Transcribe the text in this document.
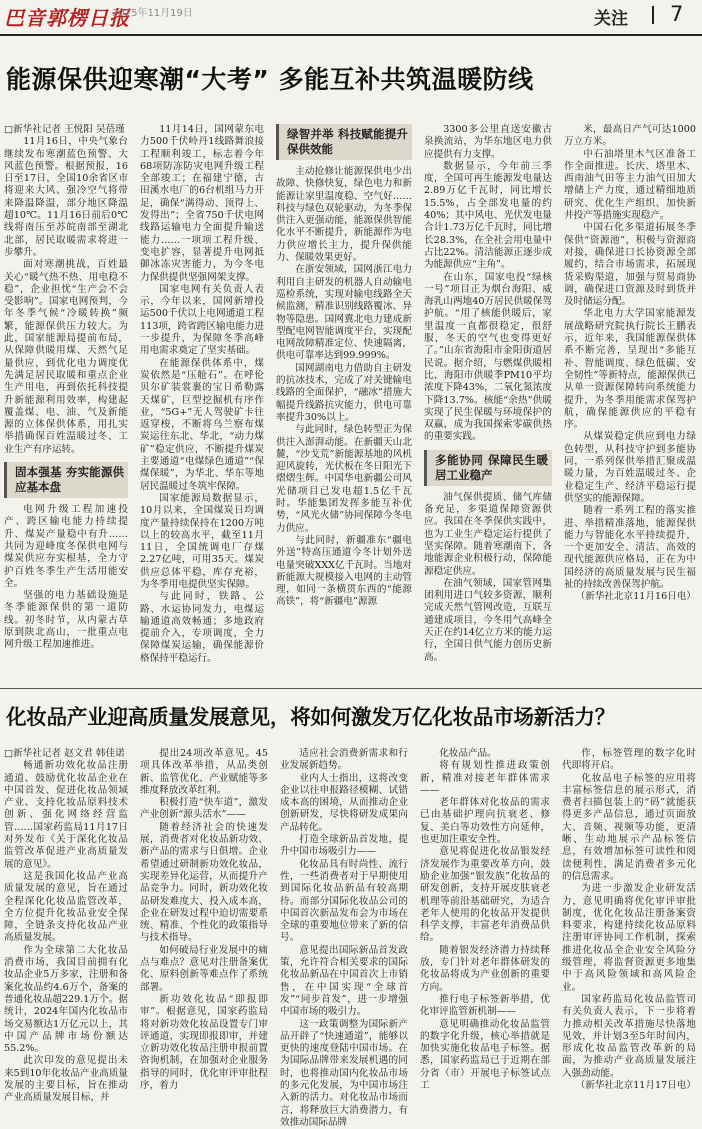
巴音郭楞日报
2025年11月19日	关注 7
能源保供迎寒潮“大考” 多能互补共筑温暖防线

□新华社记者 王悦阳 吴蓓瑾

11月16日，中央气象台继续发布寒潮蓝色预警、大风蓝色预警。根据预报，16日至17日，全国10余省区市将迎来大风、强冷空气将带来降温降温，部分地区降温超10℃。11月16日前后0℃线将南压至苏皖南部至湖北北部，居民取暖需求将进一步攀升。

面对寒潮挑战，百姓最关心“暖气热不热、用电稳不稳”，企业担忧“生产会不会受影响”。国家电网预判，今年冬季气候“冷暖转换”频繁，能源保供压力较大。为此，国家能源局提前布局，从保障供暖用煤、天然气足量供应，到优化电力调度优先满足居民取暖和重点企业生产用电，再到依托科技提升新能源利用效率，构建起覆盖煤、电、油、气及新能源的立体保供体系，用扎实举措确保百姓温暖过冬、工业生产有序运转。

固本强基 夯实能源供应基本盘

电网升级工程加速投产、跨区输电能力持续提升、煤炭产量稳中有升……共同为迎峰度冬保供电网与煤炭供应夯实根基，全力守护百姓冬季生产生活用能安全。

坚强的电力基础设施是冬季能源保供的第一道防线。初冬时节，从内蒙古草原到陕北高山，一批重点电网升级工程加速推进。

11月14日，国网蒙东电力500千伏岭丹1线路舞浪接工程顺利竣工，标志着今年68项防冻防灾电网升级工程全部竣工；在福建宁德，古田溪水电厂的6台机组马力开足，确保“满得动、顶得上、发得出”；全省750千伏电网线路运输电力全面提升输送能力……一项项工程升级、变电扩容，显著提升电网抵御冰冻灾害能力，为今冬电力保供提供坚强网架支撑。

国家电网有关负责人表示，今年以来，国网新增投运500千伏以上电网通道工程113项，跨省跨区输电能力进一步提升，为保障冬季高峰用电需求奠定了坚实基础。

在能源保供体系中，煤炭依然是“压舱石”。在呼伦贝尔矿装裳裹的宝日希勒露天煤矿，巨型挖掘机有序作业，“5G+”无人驾驶矿卡往返穿梭，不断将乌兰察布煤炭运往东北、华北，“动力煤矿”稳定供应，不断提升煤炭主要通道“电煤绿色通道”“保煤保暖”，为华北、华东等地居民温暖过冬筑牢保障。

国家能源局数据显示，10月以来，全国煤炭日均调度产量持续保持在1200万吨以上的较高水平，截至11月11日，全国统调电厂存煤2.27亿吨，可用35天。煤炭供应总体平稳，库存充裕，为冬季用电提供坚实保障。

与此同时，铁路、公路、水运协同发力，电煤运输通道高效畅通；多地政府提前介入，专项调度，全力保障煤炭运输，确保能源价格保持平稳运行。

绿智并举 科技赋能提升保供效能

主动抢修让能源保供电少出故障、快修快复，绿色电力和新能源让家里温度稳、空气好……科技与绿色双轮驱动，为冬季保供注入更强动能，能源保供智能化水平不断提升，新能源作为电力供应增长主力，提升保供能力、保暖效果更好。

在浙安领域，国网浙江电力利用自主研发的机器人自动输电巡检系统，实现对输电线路全天候监测，精准识别线路覆冰、异物等隐患。国网冀北电力建成新型配电网智能调度平台，实现配电网故障精准定位、快速隔离，供电可靠率达到99.999%。

国网湖南电力借助自主研发的抗冰技术，完成了对关键输电线路的全面保护，“融冰”措施大幅提升线路抗灾能力，供电可靠率提升30%以上。

与此同时，绿色转型正为保供注入澎湃动能。在新疆天山北麓，“沙戈荒”新能源基地的风机迎风旋转，光伏板在冬日阳光下熠熠生辉。中国华电新疆公司风光储项目已发电超1.5亿千瓦时。华能集团发挥多能互补优势，“风光火储”协同保障今冬电力供应。

与此同时，新疆准东“疆电外送”特高压通道今冬计划外送电量突破XXX亿千瓦时。当地对新能源大规模接入电网的主动管理，如同一条横贯东西的“能源高铁”，将“新疆电”源源

3300多公里直送安徽古泉换流站，为华东地区电力供应提供有力支撑。

数据显示，今年前三季度，全国可再生能源发电量达2.89万亿千瓦时，同比增长15.5%，占全部发电量的约40%；其中风电、光伏发电量合计1.73万亿千瓦时，同比增长28.3%，在全社会用电量中占比22%。清洁能源正逐步成为能源供应“主角”。

在山东，国家电投“绿核一号”项目正为烟台海阳、威海乳山两地40万居民供暖保驾护航。“用了核能供暖后，家里温度一直都很稳定，很舒服，冬天的空气也变得更好了。”山东省海阳市金阳街道居民说。据介绍，与燃煤供暖相比，海阳市供暖季PM10平均浓度下降43%，二氧化氮浓度下降13.7%。核能“余热”供暖实现了民生保暖与环境保护的双赢，成为我国探索零碳供热的重要实践。

多能协同 保障民生暖居工业稳产

油气保供提质、储气库储备充足，多渠道保障资源供应。我国在冬季保供实践中，也为工业生产稳定运行提供了坚实保障。随着寒潮南下，各地能源企业积极行动，保障能源稳定供应。

在油气领域，国家管网集团利用进口气较多资源，顺利完成天然气管网改造，互联互通建成项目，今冬用气高峰全天正在约14亿立方米的能力运行，全国日供气能力创历史新高。

米，最高日产气可达1000万立方米。

中石油塔里木气区准备工作全面推进。长庆、塔里木、西南油气田等主力油气田加大增储上产力度，通过精细地质研究、优化生产组织、加快新井投产等措施实现稳产。

中国石化多渠道拓展冬季保供“资源池”，积极与资源商对接，确保进口长协资源全部履约，结合市场需求，拓展现货采购渠道，加强与贸易商协调，确保进口资源及时到货并及时储运分配。

华北电力大学国家能源发展战略研究院执行院长王鹏表示，近年来，我国能源保供体系不断完善，呈现出“多能互补、智能调度、绿色低碳、安全韧性”等新特点，能源保供已从单一资源保障转向系统能力提升，为冬季用能需求保驾护航，确保能源供应的平稳有序。

从煤炭稳定供应到电力绿色转型，从科技守护到多能协同，一系列保供举措汇聚成温暖力量，为百姓温暖过冬、企业稳定生产、经济平稳运行提供坚实的能源保障。

随着一系列工程的落实推进、举措精准落地，能源保供能力与智能化水平持续提升，一个更加安全、清洁、高效的现代能源供应格局，正在为中国经济的高质量发展与民生福祉的持续改善保驾护航。

（新华社北京11月16日电）

化妆品产业迎高质量发展意见，将如何激发万亿化妆品市场新活力？

□新华社记者 赵文君 韩佳诺

畅通新功效化妆品注册通道、鼓励优化妆品企业在中国首发、促进化妆品领域产业、支持化妆品原料技术创新、强化网络经营监管……国家药监局11月17日对外发布《关于深化化妆品监管改革促进产业高质量发展的意见》。

这是我国化妆品产业高质量发展的意见，旨在通过全程深化化妆品监管改革，全方位提升化妆品业安全保障，全链条支持化妆品产业高质量发展。

作为全球第二大化妆品消费市场，我国目前拥有化妆品企业5万多家，注册和备案化妆品约4.6万个，备案的普通化妆品超229.1万个。据统计，2024年国内化妆品市场交易额达1万亿元以上，其中国产品牌市场份额达55.2%。

此次印发的意见提出未来5到10年化妆品产业高质量发展的主要目标，旨在推动产业高质量发展目标，并

提出24项改革意见。45项具体改革举措，从品类创新、监管优化、产业赋能等多维度释放改革红利。

积极打造“快车道”，激发产业创新“源头活水”——

随着经济社会的快速发展，消费者对化妆品新功效、新产品的需求与日俱增。企业希望通过研制新功效化妆品，实现差异化运营，从而提升产品竞争力。同时，新功效化妆品研发难度大、投入成本高，企业在研发过程中迫切需要系统、精准、个性化的政策指导与技术指导。

如何破局行业发展中的痛点与难点？意见对注册备案优化、原料创新等难点作了系统部署。

新功效化妆品“即报即审”。根据意见，国家药监局将对新功效化妆品设置专门审评通道，实现即报即审，并建立新功效化妆品注册申报前置咨询机制，在加强对企业服务指导的同时，优化审评审批程序，着力

适应社会消费新需求和行业发展新趋势。

业内人士指出，这将改变企业以往申报路径模糊、试错成本高的困境，从而推动企业创新研发，尽快将研发成果向产品转化。

打造全球新品首发地，提升中国市场吸引力——

化妆品具有时尚性、流行性，一些消费者对于早期使用到国际化妆品新品有较高期待。而部分国际化妆品公司的中国首次新品发布会为市场在全球的重要地位带来了新的信号。

意见提出国际新品首发政策，允许符合相关要求的国际化妆品新品在中国首次上市销售，在中国实现“全球首发”“同步首发”，进一步增强中国市场的吸引力。

这一政策调整为国际新产品开辟了“快速通道”，能够以更快的速度登陆中国市场。在为国际品牌带来发展机遇的同时，也将推动国内化妆品市场的多元化发展，为中国市场注入新的活力。对化妆品市场而言，将释放巨大消费潜力，有效推动国际品牌

化妆品产品。

将有规划性推进政策创新，精准对接老年群体需求——

老年群体对化妆品的需求已由基础护理向抗衰老、修复、美白等功效性方向延伸，也更加注重安全性。

意见将促进化妆品银发经济发展作为重要改革方向，鼓励企业加强“银发族”化妆品的研发创新，支持开展皮肤衰老机理等前沿基础研究，为适合老年人使用的化妆品开发提供科学支撑，丰富老年消费品供给。

随着银发经济潜力持续释放，专门针对老年群体研发的化妆品将成为产业创新的重要方向。

推行电子标签新举措，优化审评监管新机制——

意见明确推动化妆品监管的数字化升级，核心举措就是加快实施化妆品电子标签。据悉，国家药监局已于近期在部分省（市）开展电子标签试点工

作，标签管理的数字化时代即将开启。

化妆品电子标签的应用将丰富标签信息的展示形式，消费者扫描包装上的“码”就能获得更多产品信息，通过页面放大、音频、视频等功能，更清晰、生动地展示产品标签信息，有效增加标签可读性和阅读便利性，满足消费者多元化的信息需求。

为进一步激发企业研发活力，意见明确将优化审评审批制度，优化化妆品注册备案资料要求，构建持续化妆品原料注册审评协同工作机制，探索推进化妆品全企业安全风险分级管理，将监督资源更多地集中于高风险领域和高风险企业。

国家药监局化妆品监管司有关负责人表示，下一步将着力推动相关改革措施尽快落地见效，并计划3至5年时间内，形成化妆品监管改革新的局面，为推动产业高质量发展注入强劲动能。

（新华社北京11月17日电）
